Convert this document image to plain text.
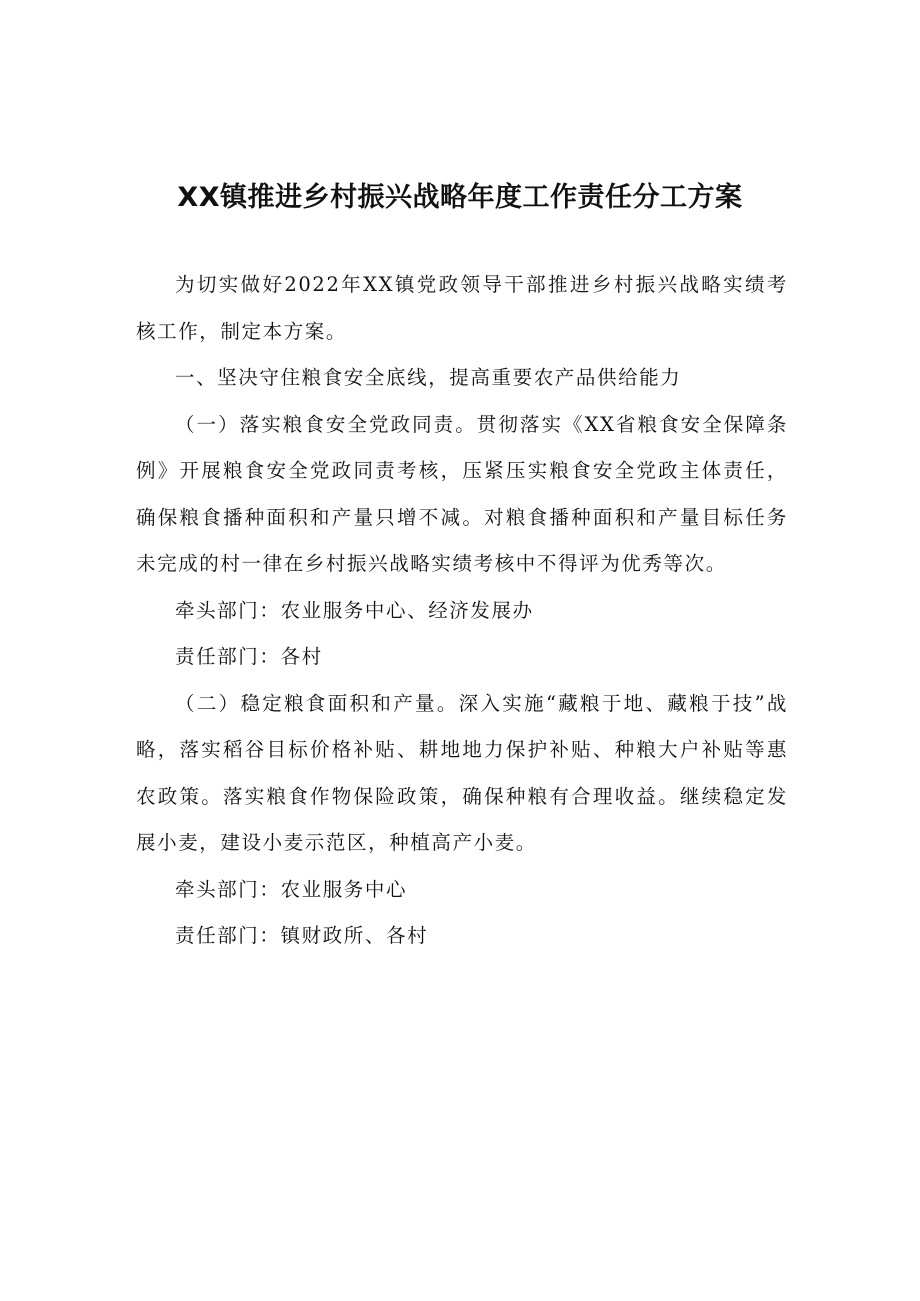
XX镇推进乡村振兴战略年度工作责任分工方案

为切实做好2022年XX镇党政领导干部推进乡村振兴战略实绩考核工作，制定本方案。

一、坚决守住粮食安全底线，提高重要农产品供给能力

（一）落实粮食安全党政同责。贯彻落实《XX省粮食安全保障条例》开展粮食安全党政同责考核，压紧压实粮食安全党政主体责任，确保粮食播种面积和产量只增不减。对粮食播种面积和产量目标任务未完成的村一律在乡村振兴战略实绩考核中不得评为优秀等次。

牵头部门：农业服务中心、经济发展办

责任部门：各村

（二）稳定粮食面积和产量。深入实施“藏粮于地、藏粮于技”战略，落实稻谷目标价格补贴、耕地地力保护补贴、种粮大户补贴等惠农政策。落实粮食作物保险政策，确保种粮有合理收益。继续稳定发展小麦，建设小麦示范区，种植高产小麦。

牵头部门：农业服务中心

责任部门：镇财政所、各村
